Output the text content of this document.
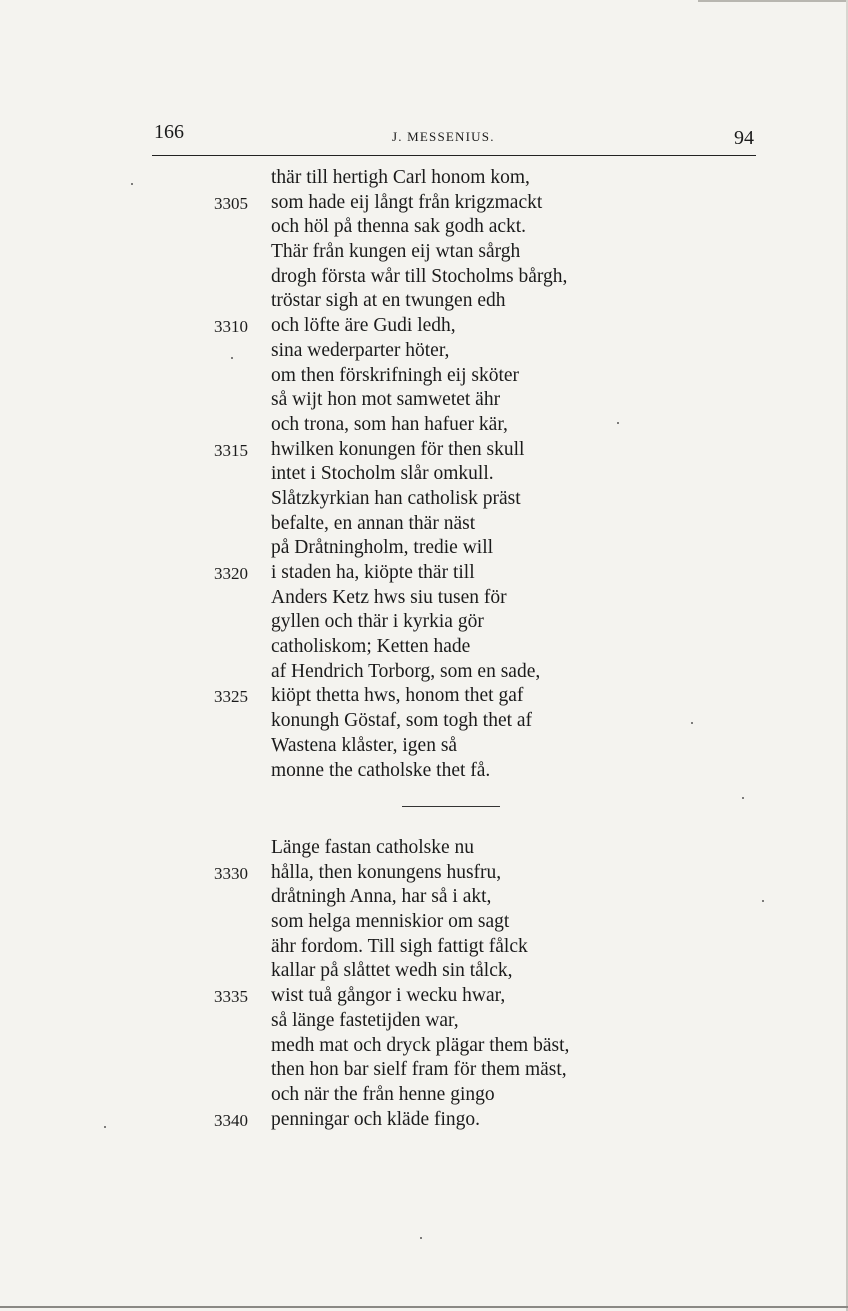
166	J. MESSENIUS.	94
thär till hertigh Carl honom kom,
3305 som hade eij långt från krigzmackt
och höl på thenna sak godh ackt.
Thär från kungen eij wtan sårgh
drogh första wår till Stocholms bårgh,
tröstar sigh at en twungen edh
3310 och löfte äre Gudi ledh,
sina wederparter höter,
om then förskrifningh eij sköter
så wijt hon mot samwetet ähr
och trona, som han hafuer kär,
3315 hwilken konungen för then skull
intet i Stocholm slår omkull.
Slåtzkyrkian han catholisk präst
befalte, en annan thär näst
på Dråtningholm, tredie will
3320 i staden ha, kiöpte thär till
Anders Ketz hws siu tusen för
gyllen och thär i kyrkia gör
catholiskom; Ketten hade
af Hendrich Torborg, som en sade,
3325 kiöpt thetta hws, honom thet gaf
konungh Göstaf, som togh thet af
Wastena klåster, igen så
monne the catholske thet få.
Länge fastan catholske nu
3330 hålla, then konungens husfru,
dråtningh Anna, har så i akt,
som helga menniskior om sagt
ähr fordom. Till sigh fattigt fålck
kallar på slåttet wedh sin tålck,
3335 wist tuå gångor i wecku hwar,
så länge fastetijden war,
medh mat och dryck plägar them bäst,
then hon bar sielf fram för them mäst,
och när the från henne gingo
3340 penningar och kläde fingo.
